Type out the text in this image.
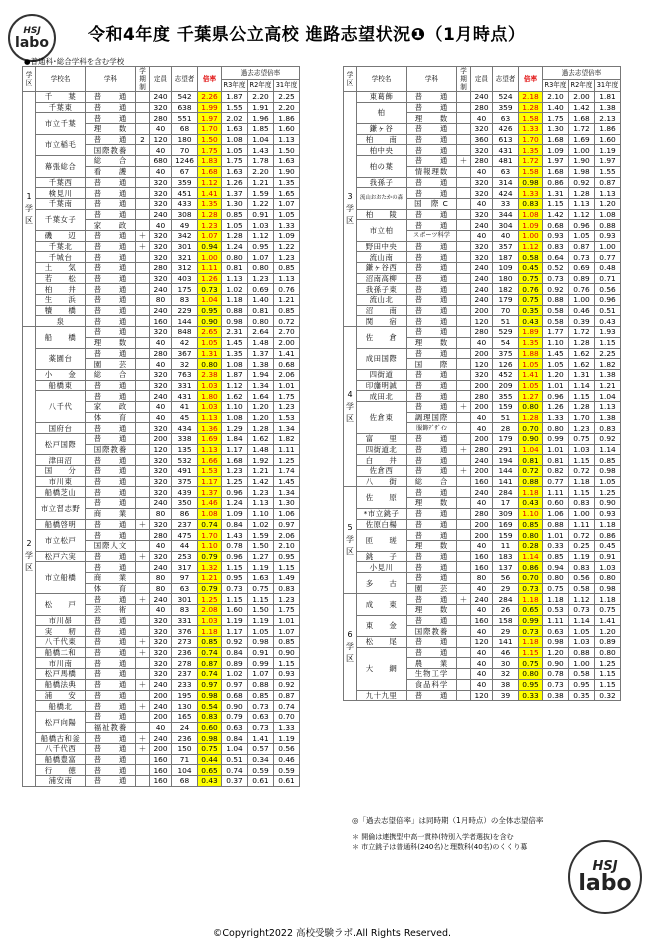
HSJ
labo 令和4年度 千葉県公立高校 進路志望状況❶（1月時点）
●普通科･総合学科を含む学校
学区	学校名	学科	学期制	定員	志望者	倍率	過去志望倍率		
							R3年度	R2年度	31年度
1
学
区	千　　葉	普　　通		240	542	2.26	1.87	2.20	2.25
	千葉東	普　　通		320	638	1.99	1.55	1.91	2.20
	市立千葉	普　　通		280	551	1.97	2.02	1.96	1.86
		理　　数		40	68	1.70	1.63	1.85	1.60
	市立稲毛	普　　通	2	120	180	1.50	1.08	1.04	1.13
		国際教養		40	70	1.75	1.05	1.43	1.50
	幕張総合	総　　合		680	1246	1.83	1.75	1.78	1.63
		看　　護		40	67	1.68	1.63	2.20	1.90
	千葉西	普　　通		320	359	1.12	1.26	1.21	1.35
	検見川	普　　通		320	451	1.41	1.37	1.59	1.65
	千葉南	普　　通		320	433	1.35	1.30	1.22	1.07
	千葉女子	普　　通		240	308	1.28	0.85	0.91	1.05
		家　　政		40	49	1.23	1.05	1.03	1.33
	磯　　辺	普　　通	＋	320	342	1.07	1.28	1.12	1.09
	千葉北	普　　通	＋	320	301	0.94	1.24	0.95	1.22
	千城台	普　　通		320	321	1.00	0.80	1.07	1.23
	土　　気	普　　通		280	312	1.11	0.81	0.80	0.85
	若　　松	普　　通		320	403	1.26	1.13	1.23	1.13
	柏　　井	普　　通		240	175	0.73	1.02	0.69	0.76
	生　　浜	普　　通		80	83	1.04	1.18	1.40	1.21
	犢　　橋	普　　通		240	229	0.95	0.88	0.81	0.85
	泉	普　　通		160	144	0.90	0.98	0.80	0.72
2
学
区	船　　橋	普　　通		320	848	2.65	2.31	2.64	2.70
		理　　数		40	42	1.05	1.45	1.48	2.00
	薬園台	普　　通		280	367	1.31	1.35	1.37	1.41
		園　　芸		40	32	0.80	1.08	1.38	0.68
	小　　金	総　　合		320	763	2.38	1.87	1.94	2.06
	船橋東	普　　通		320	331	1.03	1.12	1.34	1.01
	八千代	普　　通		240	431	1.80	1.62	1.64	1.75
		家　　政		40	41	1.03	1.10	1.20	1.23
		体　　育		40	45	1.13	1.08	1.20	1.53
	国府台	普　　通		320	434	1.36	1.29	1.28	1.34
	松戸国際	普　　通		200	338	1.69	1.84	1.62	1.82
		国際教養		120	135	1.13	1.17	1.48	1.11
	津田沼	普　　通		320	532	1.66	1.68	1.92	1.25
	国　　分	普　　通		320	491	1.53	1.23	1.21	1.74
	市川東	普　　通		320	375	1.17	1.25	1.42	1.45
	船橋芝山	普　　通		320	439	1.37	0.96	1.23	1.34
	市立習志野	普　　通		240	350	1.46	1.24	1.13	1.30
		商　　業		80	86	1.08	1.09	1.10	1.06
	船橋啓明	普　　通	＋	320	237	0.74	0.84	1.02	0.97
	市立松戸	普　　通		280	475	1.70	1.43	1.59	2.06
		国際人文		40	44	1.10	0.78	1.50	2.10
	松戸六実	普　　通	＋	320	253	0.79	0.96	1.27	0.95
	市立船橋	普　　通		240	317	1.32	1.15	1.19	1.15
		商　　業		80	97	1.21	0.95	1.63	1.49
		体　　育		80	63	0.79	0.73	0.75	0.83
	松　　戸	普　　通	＋	240	301	1.25	1.15	1.15	1.23
		芸　　術		40	83	2.08	1.60	1.50	1.75
	市川昴	普　　通		320	331	1.03	1.19	1.19	1.01
	実　　籾	普　　通		320	376	1.18	1.17	1.05	1.07
	八千代東	普　　通	＋	320	273	0.85	0.92	0.98	0.85
	船橋二和	普　　通	＋	320	236	0.74	0.84	0.91	0.90
	市川南	普　　通		320	278	0.87	0.89	0.99	1.15
	松戸馬橋	普　　通		320	237	0.74	1.02	1.07	0.93
	船橋法典	普　　通	＋	240	233	0.97	0.97	0.88	0.92
	浦　　安	普　　通		200	195	0.98	0.68	0.85	0.87
	船橋北	普　　通	＋	240	130	0.54	0.90	0.73	0.74
	松戸向陽	普　　通		200	165	0.83	0.79	0.63	0.70
		福祉教養		40	24	0.60	0.63	0.73	1.33
	船橋古和釜	普　　通	＋	240	236	0.98	0.84	1.41	1.19
	八千代西	普　　通	＋	200	150	0.75	1.04	0.57	0.56
	船橋豊富	普　　通		160	71	0.44	0.51	0.34	0.46
	行　　徳	普　　通		160	104	0.65	0.74	0.59	0.59
	浦安南	普　　通		160	68	0.43	0.37	0.61	0.61
学区	学校名	学科	学期制	定員	志望者	倍率	過去志望倍率		
							R3年度	R2年度	31年度
3
学
区	東葛飾	普　　通		240	524	2.18	2.10	2.00	1.81
	柏	普　　通		280	359	1.28	1.40	1.42	1.38
		理　　数		40	63	1.58	1.75	1.68	2.13
	鎌ヶ谷	普　　通		320	426	1.33	1.30	1.72	1.86
	柏　　南	普　　通		360	613	1.70	1.68	1.69	1.60
	柏中央	普　　通		320	431	1.35	1.09	1.00	1.19
	柏の葉	普　　通	＋	280	481	1.72	1.97	1.90	1.97
		情報理数		40	63	1.58	1.68	1.98	1.55
	我孫子	普　　通		320	314	0.98	0.86	0.92	0.87
	流山おおたかの森	普　　通		320	424	1.33	1.31	1.28	1.13
		国　際 C		40	33	0.83	1.15	1.13	1.20
	柏　　陵	普　　通		320	344	1.08	1.42	1.12	1.08
	市立柏	普　　通		240	304	1.09	0.68	0.96	0.88
		スポーツ科学		40	40	1.00	0.93	1.05	0.93
	野田中央	普　　通		320	357	1.12	0.83	0.87	1.00
	流山南	普　　通		320	187	0.58	0.64	0.73	0.77
	鎌ヶ谷西	普　　通		240	109	0.45	0.52	0.69	0.48
	沼南高柳	普　　通		240	180	0.75	0.73	0.89	0.71
	我孫子東	普　　通		240	182	0.76	0.92	0.76	0.56
	流山北	普　　通		240	179	0.75	0.88	1.00	0.96
	沼　　南	普　　通		200	70	0.35	0.58	0.46	0.51
	関　　宿	普　　通		120	51	0.43	0.58	0.39	0.43
4
学
区	佐　　倉	普　　通		280	529	1.89	1.77	1.72	1.93
		理　　数		40	54	1.35	1.10	1.28	1.15
	成田国際	普　　通		200	375	1.88	1.45	1.62	2.25
		国　　際		120	126	1.05	1.05	1.62	1.82
	四街道	普　　通		320	452	1.41	1.20	1.31	1.38
	印旛明誠	普　　通		200	209	1.05	1.01	1.14	1.21
	成田北	普　　通		280	355	1.27	0.96	1.15	1.04
	佐倉東	普　　通	＋	200	159	0.80	1.26	1.28	1.13
		調理国際		40	51	1.28	1.33	1.70	1.38
		服飾ﾃﾞｻﾞｲﾝ		40	28	0.70	0.80	1.23	0.83
	富　　里	普　　通		200	179	0.90	0.99	0.75	0.92
	四街道北	普　　通	＋	280	291	1.04	1.01	1.03	1.14
	白　　井	普　　通		240	194	0.81	0.81	1.15	0.85
	佐倉西	普　　通	＋	200	144	0.72	0.82	0.72	0.98
	八　　街	総　　合		160	141	0.88	0.77	1.18	1.05
5
学
区	佐　　原	普　　通		240	284	1.18	1.11	1.15	1.25
		理　　数		40	17	0.43	0.60	0.83	0.90
	*市立銚子	普　　通		280	309	1.10	1.06	1.00	0.93
	佐原白楊	普　　通		200	169	0.85	0.88	1.11	1.18
	匝　　瑳	普　　通		200	159	0.80	1.01	0.72	0.86
		理　　数		40	11	0.28	0.33	0.25	0.45
	銚　　子	普　　通		160	183	1.14	0.85	1.19	0.91
	小見川	普　　通		160	137	0.86	0.94	0.83	1.03
	多　　古	普　　通		80	56	0.70	0.80	0.56	0.80
		園　　芸		40	29	0.73	0.75	0.58	0.98
6
学
区	成　　東	普　　通	＋	240	284	1.18	1.18	1.12	1.18
		理　　数		40	26	0.65	0.53	0.73	0.75
	東　　金	普　　通		160	158	0.99	1.11	1.14	1.41
		国際教養		40	29	0.73	0.63	1.05	1.20
	松　　尾	普　　通		120	141	1.18	0.98	1.03	0.89
	大　　網	普　　通		40	46	1.15	1.20	0.88	0.80
		農　　業		40	30	0.75	0.90	1.00	1.25
		生物工学		40	32	0.80	0.78	0.58	1.15
		食品科学		40	38	0.95	0.73	0.95	1.15
	九十九里	普　　通		120	39	0.33	0.38	0.35	0.32
◎「過去志望倍率」は同時期（1月時点）の全体志望倍率
＊ 開倫は連携型中高一貫枠(特別入学者選抜)を含む
＊ 市立銚子は普通科(240名)と理数科(40名)のくくり募
HSJ
labo
©Copyright2022 高校受験ラボ.All Rights Reserved.
